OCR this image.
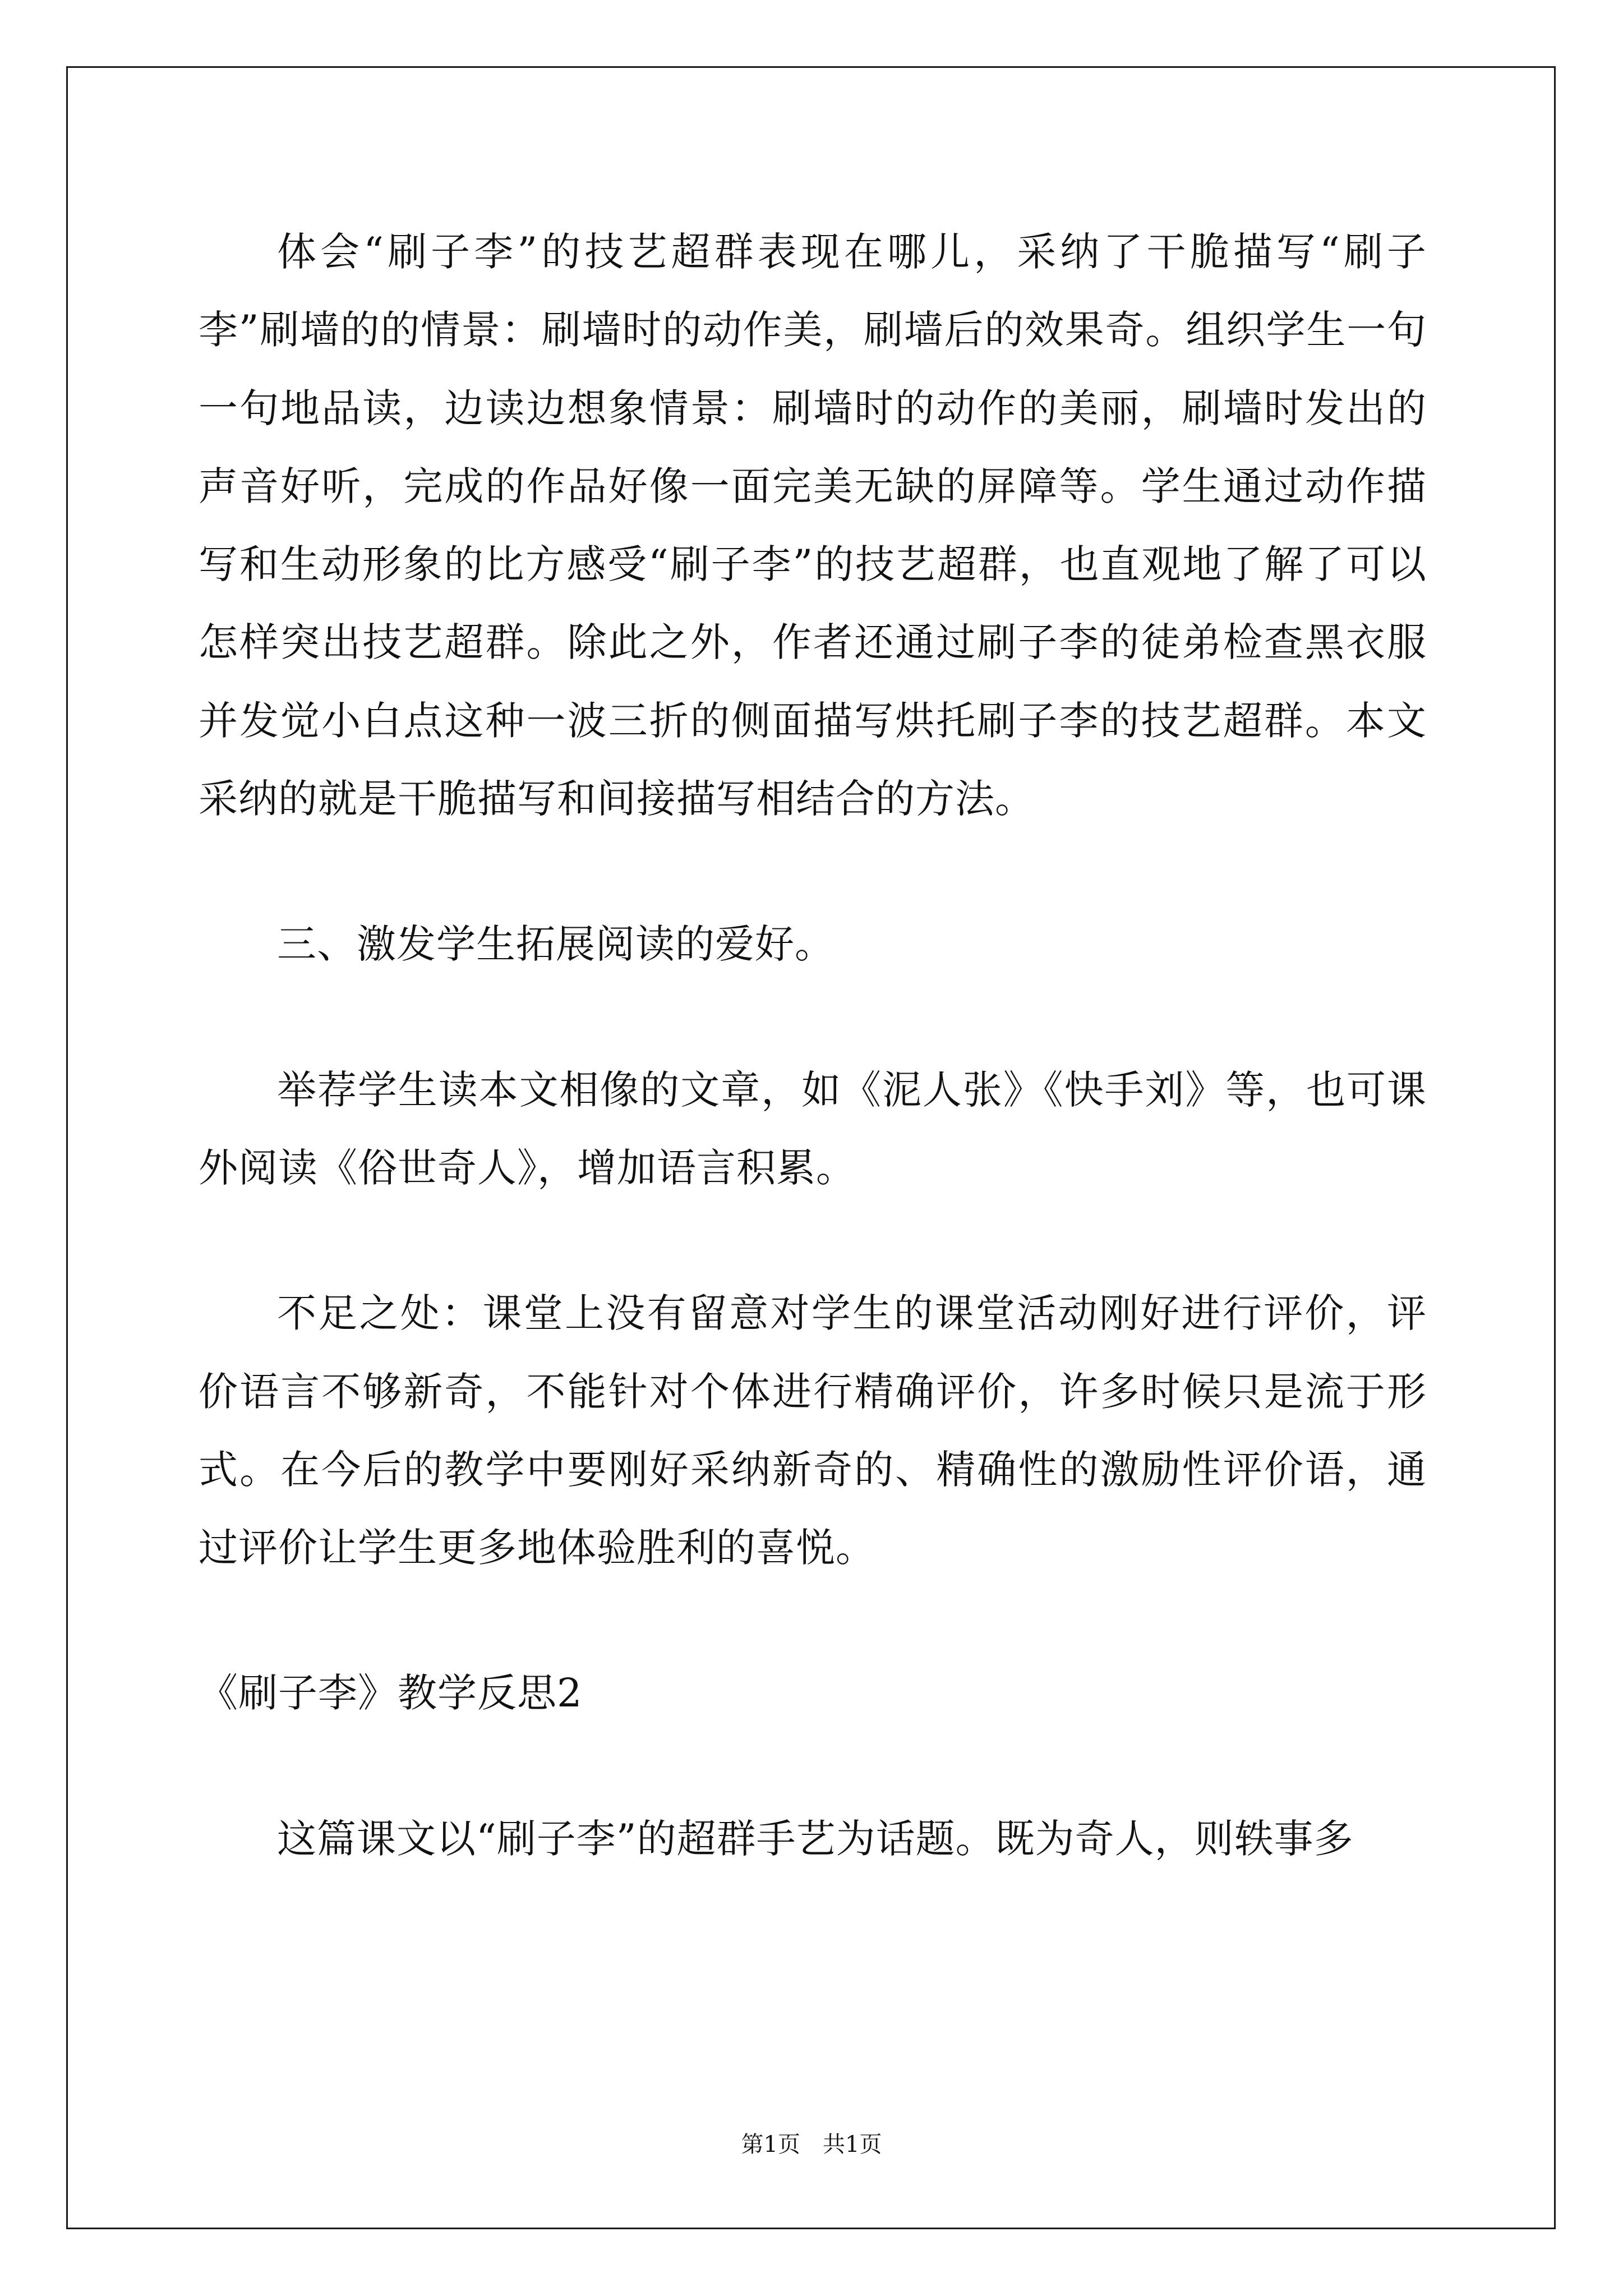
体会“刷子李”的技艺超群表现在哪儿，采纳了干脆描写“刷子李”刷墙的的情景：刷墙时的动作美，刷墙后的效果奇。组织学生一句一句地品读，边读边想象情景：刷墙时的动作的美丽，刷墙时发出的声音好听，完成的作品好像一面完美无缺的屏障等。学生通过动作描写和生动形象的比方感受“刷子李”的技艺超群，也直观地了解了可以怎样突出技艺超群。除此之外，作者还通过刷子李的徒弟检查黑衣服并发觉小白点这种一波三折的侧面描写烘托刷子李的技艺超群。本文采纳的就是干脆描写和间接描写相结合的方法。

三、激发学生拓展阅读的爱好。

举荐学生读本文相像的文章，如《泥人张》《快手刘》等，也可课外阅读《俗世奇人》，增加语言积累。

不足之处：课堂上没有留意对学生的课堂活动刚好进行评价，评价语言不够新奇，不能针对个体进行精确评价，许多时候只是流于形式。在今后的教学中要刚好采纳新奇的、精确性的激励性评价语，通过评价让学生更多地体验胜利的喜悦。

《刷子李》教学反思2

这篇课文以“刷子李”的超群手艺为话题。既为奇人，则轶事多

第1页　共1页
